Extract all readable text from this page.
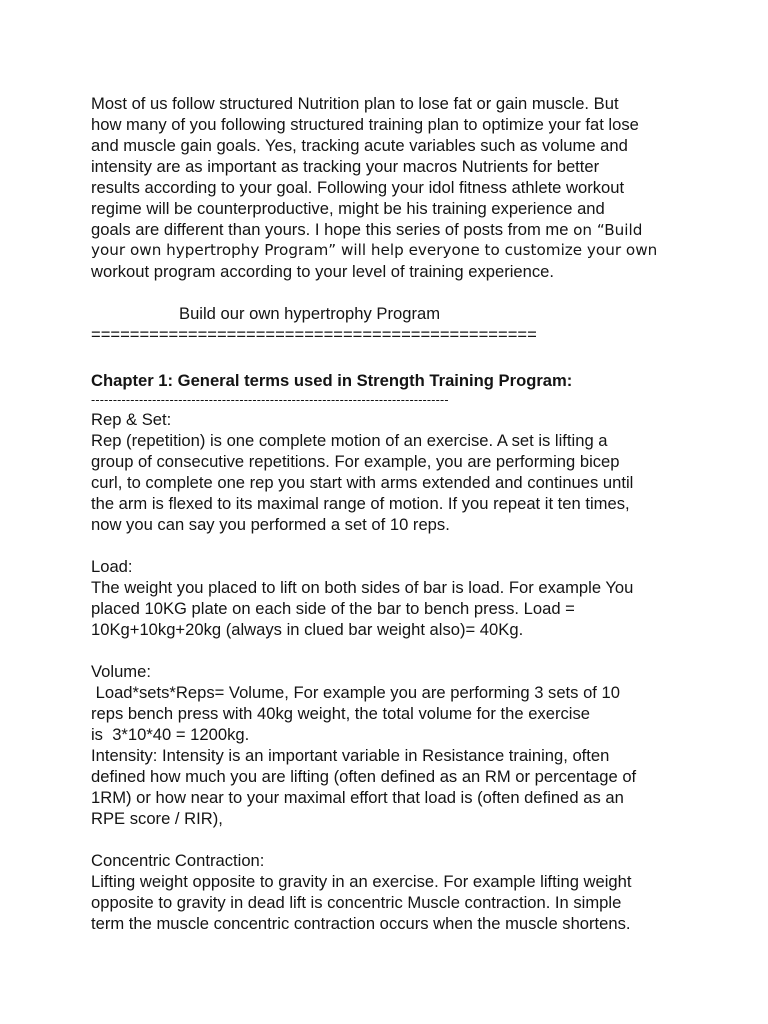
Most of us follow structured Nutrition plan to lose fat or gain muscle. But
how many of you following structured training plan to optimize your fat lose
and muscle gain goals. Yes, tracking acute variables such as volume and
intensity are as important as tracking your macros Nutrients for better
results according to your goal. Following your idol fitness athlete workout
regime will be counterproductive, might be his training experience and
goals are different than yours. I hope this series of posts from me on “Build
your own hypertrophy Program” will help everyone to customize your own
workout program according to your level of training experience.
Build our own hypertrophy Program
==============================================
Chapter 1: General terms used in Strength Training Program:
----------------------------------------------------------------------------------
Rep & Set:
Rep (repetition) is one complete motion of an exercise. A set is lifting a
group of consecutive repetitions. For example, you are performing bicep
curl, to complete one rep you start with arms extended and continues until
the arm is flexed to its maximal range of motion. If you repeat it ten times,
now you can say you performed a set of 10 reps.
Load:
The weight you placed to lift on both sides of bar is load. For example You
placed 10KG plate on each side of the bar to bench press. Load =
10Kg+10kg+20kg (always in clued bar weight also)= 40Kg.
Volume:
Load*sets*Reps= Volume, For example you are performing 3 sets of 10
reps bench press with 40kg weight, the total volume for the exercise
is  3*10*40 = 1200kg.
Intensity: Intensity is an important variable in Resistance training, often
defined how much you are lifting (often defined as an RM or percentage of
1RM) or how near to your maximal effort that load is (often defined as an
RPE score / RIR),
Concentric Contraction:
Lifting weight opposite to gravity in an exercise. For example lifting weight
opposite to gravity in dead lift is concentric Muscle contraction. In simple
term the muscle concentric contraction occurs when the muscle shortens.
